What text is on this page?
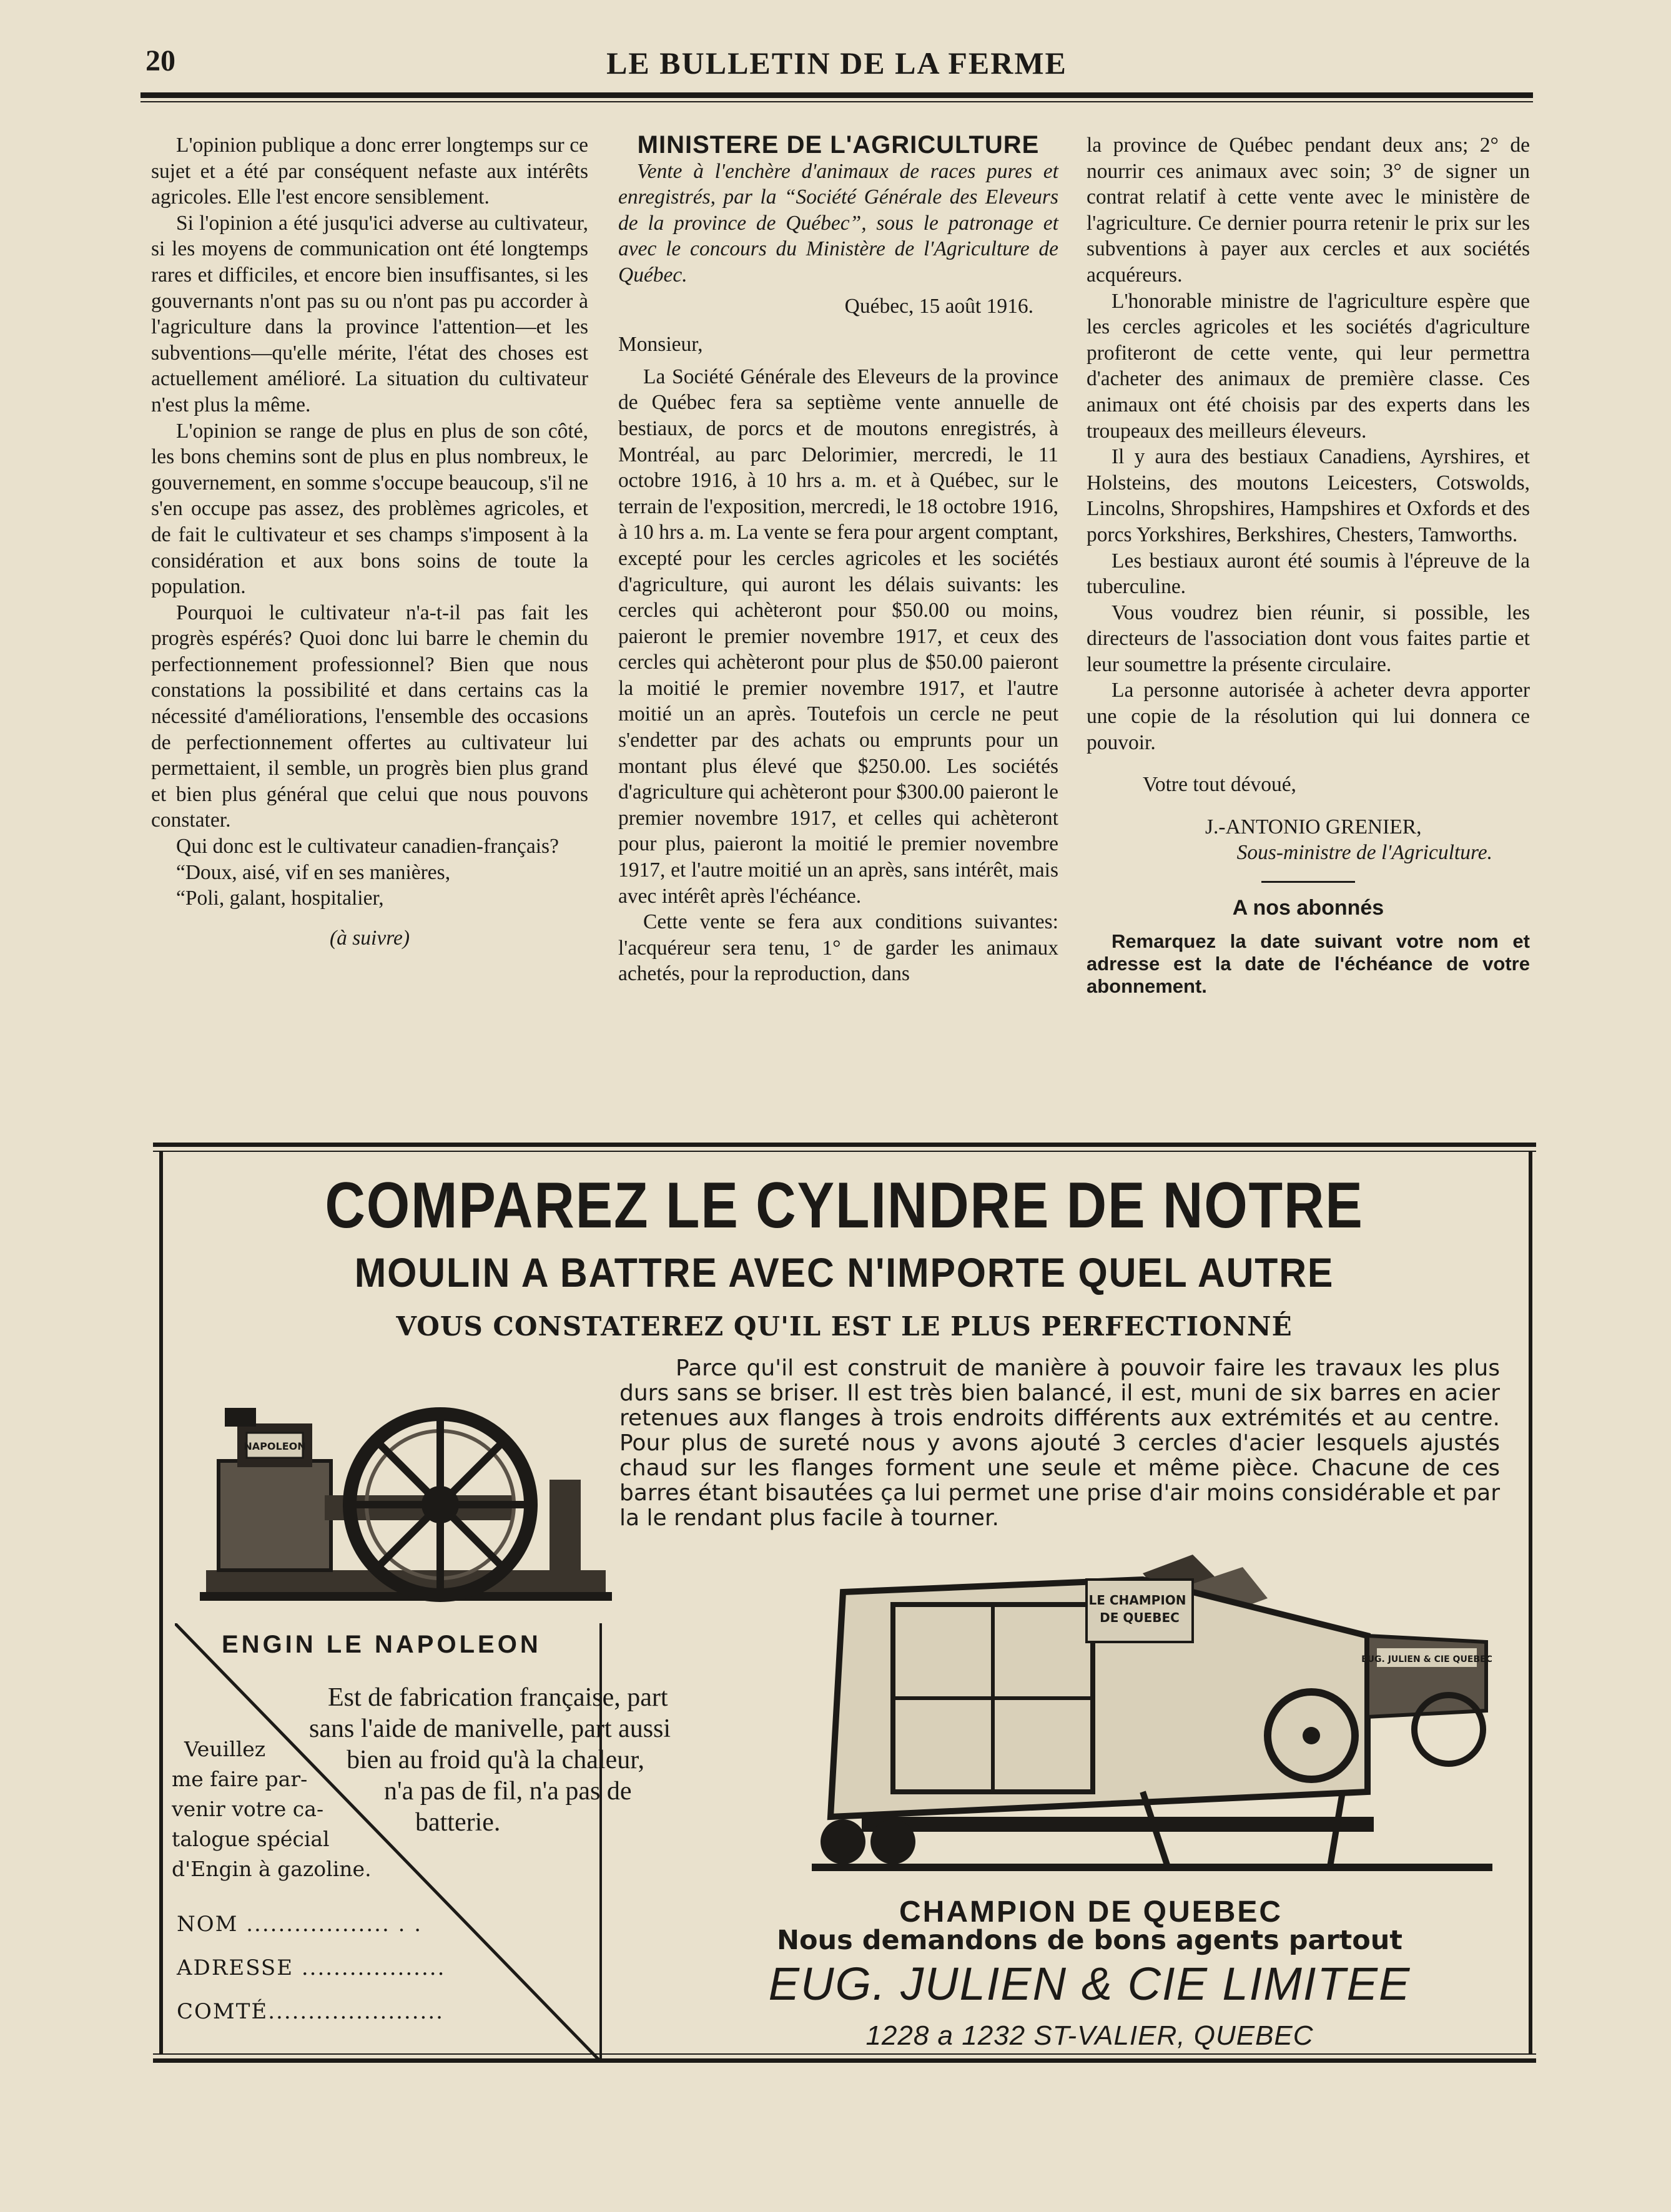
20	LE BULLETIN DE LA FERME

L'opinion publique a donc errer longtemps sur ce sujet et a été par conséquent nefaste aux intérêts agricoles. Elle l'est encore sensiblement.

Si l'opinion a été jusqu'ici adverse au cultivateur, si les moyens de communication ont été longtemps rares et difficiles, et encore bien insuffisantes, si les gouvernants n'ont pas su ou n'ont pas pu accorder à l'agriculture dans la province l'attention—et les subventions—qu'elle mérite, l'état des choses est actuellement amélioré. La situation du cultivateur n'est plus la même.

L'opinion se range de plus en plus de son côté, les bons chemins sont de plus en plus nombreux, le gouvernement, en somme s'occupe beaucoup, s'il ne s'en occupe pas assez, des problèmes agricoles, et de fait le cultivateur et ses champs s'imposent à la considération et aux bons soins de toute la population.

Pourquoi le cultivateur n'a-t-il pas fait les progrès espérés? Quoi donc lui barre le chemin du perfectionnement professionnel? Bien que nous constations la possibilité et dans certains cas la nécessité d'améliorations, l'ensemble des occasions de perfectionnement offertes au cultivateur lui permettaient, il semble, un progrès bien plus grand et bien plus général que celui que nous pouvons constater.

Qui donc est le cultivateur canadien-français?

“Doux, aisé, vif en ses manières,

“Poli, galant, hospitalier,

(à suivre)

MINISTERE DE L'AGRICULTURE

Vente à l'enchère d'animaux de races pures et enregistrés, par la “Société Générale des Eleveurs de la province de Québec”, sous le patronage et avec le concours du Ministère de l'Agriculture de Québec.

Québec, 15 août 1916.

Monsieur,

La Société Générale des Eleveurs de la province de Québec fera sa septième vente annuelle de bestiaux, de porcs et de moutons enregistrés, à Montréal, au parc Delorimier, mercredi, le 11 octobre 1916, à 10 hrs a. m. et à Québec, sur le terrain de l'exposition, mercredi, le 18 octobre 1916, à 10 hrs a. m. La vente se fera pour argent comptant, excepté pour les cercles agricoles et les sociétés d'agriculture, qui auront les délais suivants: les cercles qui achèteront pour $50.00 ou moins, paieront le premier novembre 1917, et ceux des cercles qui achèteront pour plus de $50.00 paieront la moitié le premier novembre 1917, et l'autre moitié un an après. Toutefois un cercle ne peut s'endetter par des achats ou emprunts pour un montant plus élevé que $250.00. Les sociétés d'agriculture qui achèteront pour $300.00 paieront le premier novembre 1917, et celles qui achèteront pour plus, paieront la moitié le premier novembre 1917, et l'autre moitié un an après, sans intérêt, mais avec intérêt après l'échéance.

Cette vente se fera aux conditions suivantes: l'acquéreur sera tenu, 1° de garder les animaux achetés, pour la reproduction, dans

la province de Québec pendant deux ans; 2° de nourrir ces animaux avec soin; 3° de signer un contrat relatif à cette vente avec le ministère de l'agriculture. Ce dernier pourra retenir le prix sur les subventions à payer aux cercles et aux sociétés acquéreurs.

L'honorable ministre de l'agriculture espère que les cercles agricoles et les sociétés d'agriculture profiteront de cette vente, qui leur permettra d'acheter des animaux de première classe. Ces animaux ont été choisis par des experts dans les troupeaux des meilleurs éleveurs.

Il y aura des bestiaux Canadiens, Ayrshires, et Holsteins, des moutons Leicesters, Cotswolds, Lincolns, Shropshires, Hampshires et Oxfords et des porcs Yorkshires, Berkshires, Chesters, Tamworths.

Les bestiaux auront été soumis à l'épreuve de la tuberculine.

Vous voudrez bien réunir, si possible, les directeurs de l'association dont vous faites partie et leur soumettre la présente circulaire.

La personne autorisée à acheter devra apporter une copie de la résolution qui lui donnera ce pouvoir.

Votre tout dévoué,

J.-ANTONIO GRENIER,

Sous-ministre de l'Agriculture.

A nos abonnés

Remarquez la date suivant votre nom et adresse est la date de l'échéance de votre abonnement.

COMPAREZ LE CYLINDRE DE NOTRE
MOULIN A BATTRE AVEC N'IMPORTE QUEL AUTRE
VOUS CONSTATEREZ QU'IL EST LE PLUS PERFECTIONNÉ
Parce qu'il est construit de manière à pouvoir faire les travaux les plus durs sans se briser. Il est très bien balancé, il est, muni de six barres en acier retenues aux flanges à trois endroits différents aux extrémités et au centre. Pour plus de sureté nous y avons ajouté 3 cercles d'acier lesquels ajustés chaud sur les flanges forment une seule et même pièce. Chacune de ces barres étant bisautées ça lui permet une prise d'air moins considérable et par la le rendant plus facile à tourner.
NAPOLEON
ENGIN LE NAPOLEON
Est de fabrication française, part
sans l'aide de manivelle, part aussi
bien au froid qu'à la chaleur,
n'a pas de fil, n'a pas de
batterie.
Veuillez
me faire par-
venir votre ca-
talogue spécial
d'Engin à gazoline.
NOM .................. . .
ADRESSE ..................
COMTÉ......................
LE CHAMPION DE QUEBEC
EUG. JULIEN & CIE QUEBEC
CHAMPION DE QUEBEC
Nous demandons de bons agents partout
EUG. JULIEN & CIE LIMITEE
1228 a 1232 ST-VALIER, QUEBEC
